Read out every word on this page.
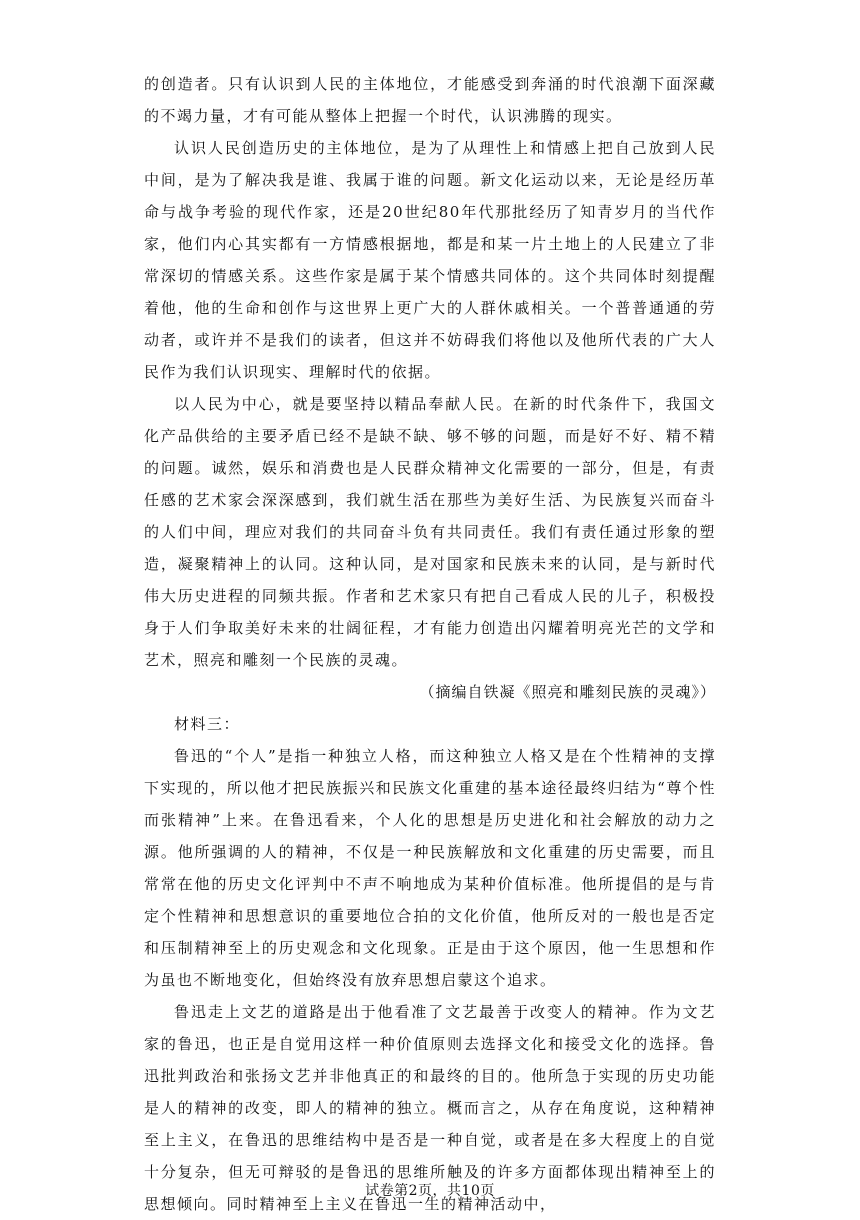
的创造者。只有认识到人民的主体地位，才能感受到奔涌的时代浪潮下面深藏的不竭力量，才有可能从整体上把握一个时代，认识沸腾的现实。

认识人民创造历史的主体地位，是为了从理性上和情感上把自己放到人民中间，是为了解决我是谁、我属于谁的问题。新文化运动以来，无论是经历革命与战争考验的现代作家，还是20世纪80年代那批经历了知青岁月的当代作家，他们内心其实都有一方情感根据地，都是和某一片土地上的人民建立了非常深切的情感关系。这些作家是属于某个情感共同体的。这个共同体时刻提醒着他，他的生命和创作与这世界上更广大的人群休戚相关。一个普普通通的劳动者，或许并不是我们的读者，但这并不妨碍我们将他以及他所代表的广大人民作为我们认识现实、理解时代的依据。

以人民为中心，就是要坚持以精品奉献人民。在新的时代条件下，我国文化产品供给的主要矛盾已经不是缺不缺、够不够的问题，而是好不好、精不精的问题。诚然，娱乐和消费也是人民群众精神文化需要的一部分，但是，有责任感的艺术家会深深感到，我们就生活在那些为美好生活、为民族复兴而奋斗的人们中间，理应对我们的共同奋斗负有共同责任。我们有责任通过形象的塑造，凝聚精神上的认同。这种认同，是对国家和民族未来的认同，是与新时代伟大历史进程的同频共振。作者和艺术家只有把自己看成人民的儿子，积极投身于人们争取美好未来的壮阔征程，才有能力创造出闪耀着明亮光芒的文学和艺术，照亮和雕刻一个民族的灵魂。

（摘编自铁凝《照亮和雕刻民族的灵魂》）

材料三：

鲁迅的“个人”是指一种独立人格，而这种独立人格又是在个性精神的支撑下实现的，所以他才把民族振兴和民族文化重建的基本途径最终归结为“尊个性而张精神”上来。在鲁迅看来，个人化的思想是历史进化和社会解放的动力之源。他所强调的人的精神，不仅是一种民族解放和文化重建的历史需要，而且常常在他的历史文化评判中不声不响地成为某种价值标准。他所提倡的是与肯定个性精神和思想意识的重要地位合拍的文化价值，他所反对的一般也是否定和压制精神至上的历史观念和文化现象。正是由于这个原因，他一生思想和作为虽也不断地变化，但始终没有放弃思想启蒙这个追求。

鲁迅走上文艺的道路是出于他看准了文艺最善于改变人的精神。作为文艺家的鲁迅，也正是自觉用这样一种价值原则去选择文化和接受文化的选择。鲁迅批判政治和张扬文艺并非他真正的和最终的目的。他所急于实现的历史功能是人的精神的改变，即人的精神的独立。概而言之，从存在角度说，这种精神至上主义，在鲁迅的思维结构中是否是一种自觉，或者是在多大程度上的自觉十分复杂，但无可辩驳的是鲁迅的思维所触及的许多方面都体现出精神至上的思想倾向。同时精神至上主义在鲁迅一生的精神活动中，

试卷第2页，共10页
